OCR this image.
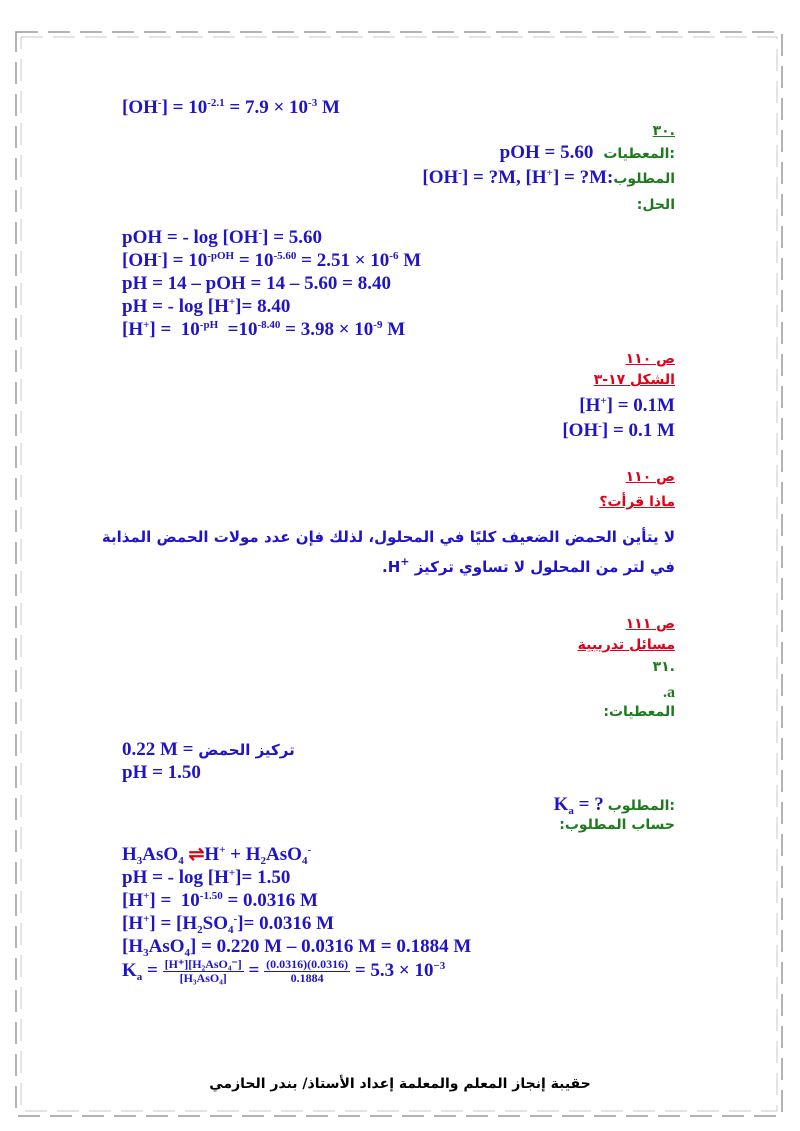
$[OH^-] = 10^{-2.1} = 7.9 \times 10^{-3}$ M
.٣٠
pOH = 5.60 المعطيات:
[OH-] = ?M, [H+] = ?M:المطلوب
الحل:
pOH = - log [OH-] = 5.60
$[OH^-] = 10^{-pOH} = 10^{-5.60} = 2.51 \times 10^{-6}$ M
pH = 14 – pOH = 14 – 5.60 = 8.40
pH = - log [H+]= 8.40
$[H^+] = 10^{-pH} =10^{-8.40} = 3.98 \times 10^{-9}$ M
ص ١١٠
الشكل ١٧-٣
[H+] = 0.1M
[OH-] = 0.1 M
ص ١١٠
ماذا قرأت؟
لا يتأين الحمض الضعيف كليًا في المحلول، لذلك فإن عدد مولات الحمض المذابة
في لتر من المحلول لا تساوي تركيز H+.
ص ١١١
مسائل تدريبية
.٣١
.a
المعطيات:
0.22 M = تركيز الحمض
pH = 1.50
$K_a$ = ? المطلوب:
حساب المطلوب:
$H_3AsO_4$ ⇌H+ + $H_2AsO_4^-$
pH = - log [H+]= 1.50
$[H^+] = 10^{-1.50} = 0.0316$ M
$[H^+] = [H_2SO_4^-]= 0.0316$ M
$[H_3AsO_4] = 0.220$ M – 0.0316 M = 0.1884 M
$K_a = \frac{\text{[H⁺][H₂AsO₄⁻]}}{\text{[H₃AsO₄]}} = \frac{(0.0316)(0.0316)}{0.1884} = 5.3 \times 10^{-3}$
حقيبة إنجاز المعلم والمعلمة إعداد الأستاذ/ بندر الحازمي
